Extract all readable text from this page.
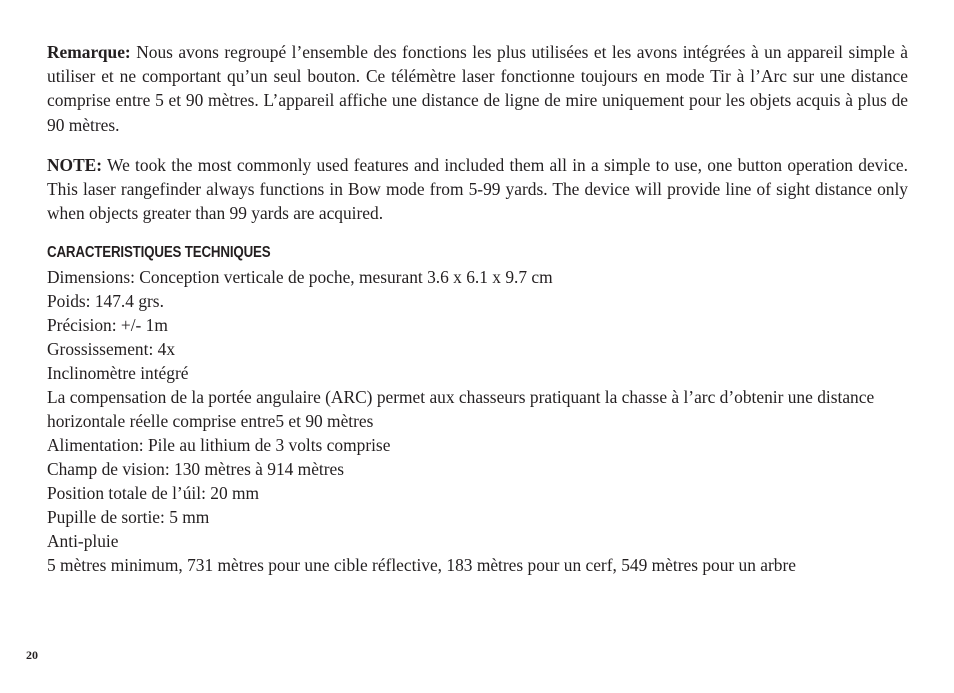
Remarque: Nous avons regroupé l’ensemble des fonctions les plus utilisées et les avons intégrées à un appareil simple à utiliser et ne comportant qu’un seul bouton. Ce télémètre laser fonctionne toujours en mode Tir à l’Arc sur une distance comprise entre 5 et 90 mètres. L’appareil affiche une distance de ligne de mire uniquement pour les objets acquis à plus de 90 mètres.

NOTE: We took the most commonly used features and included them all in a simple to use, one button operation device. This laser rangefinder always functions in Bow mode from 5-99 yards. The device will provide line of sight distance only when objects greater than 99 yards are acquired.

CARACTERISTIQUES TECHNIQUES
Dimensions: Conception verticale de poche, mesurant 3.6 x 6.1 x 9.7 cm
Poids: 147.4 grs.
Précision: +/- 1m
Grossissement: 4x
Inclinomètre intégré
La compensation de la portée angulaire (ARC) permet aux chasseurs pratiquant la chasse à l’arc d’obtenir une distance horizontale réelle comprise entre5 et 90 mètres
Alimentation: Pile au lithium de 3 volts comprise
Champ de vision: 130 mètres à 914 mètres
Position totale de l’úil: 20 mm
Pupille de sortie: 5 mm
Anti-pluie
5 mètres minimum, 731 mètres pour une cible réflective, 183 mètres pour un cerf, 549 mètres pour un arbre
20
